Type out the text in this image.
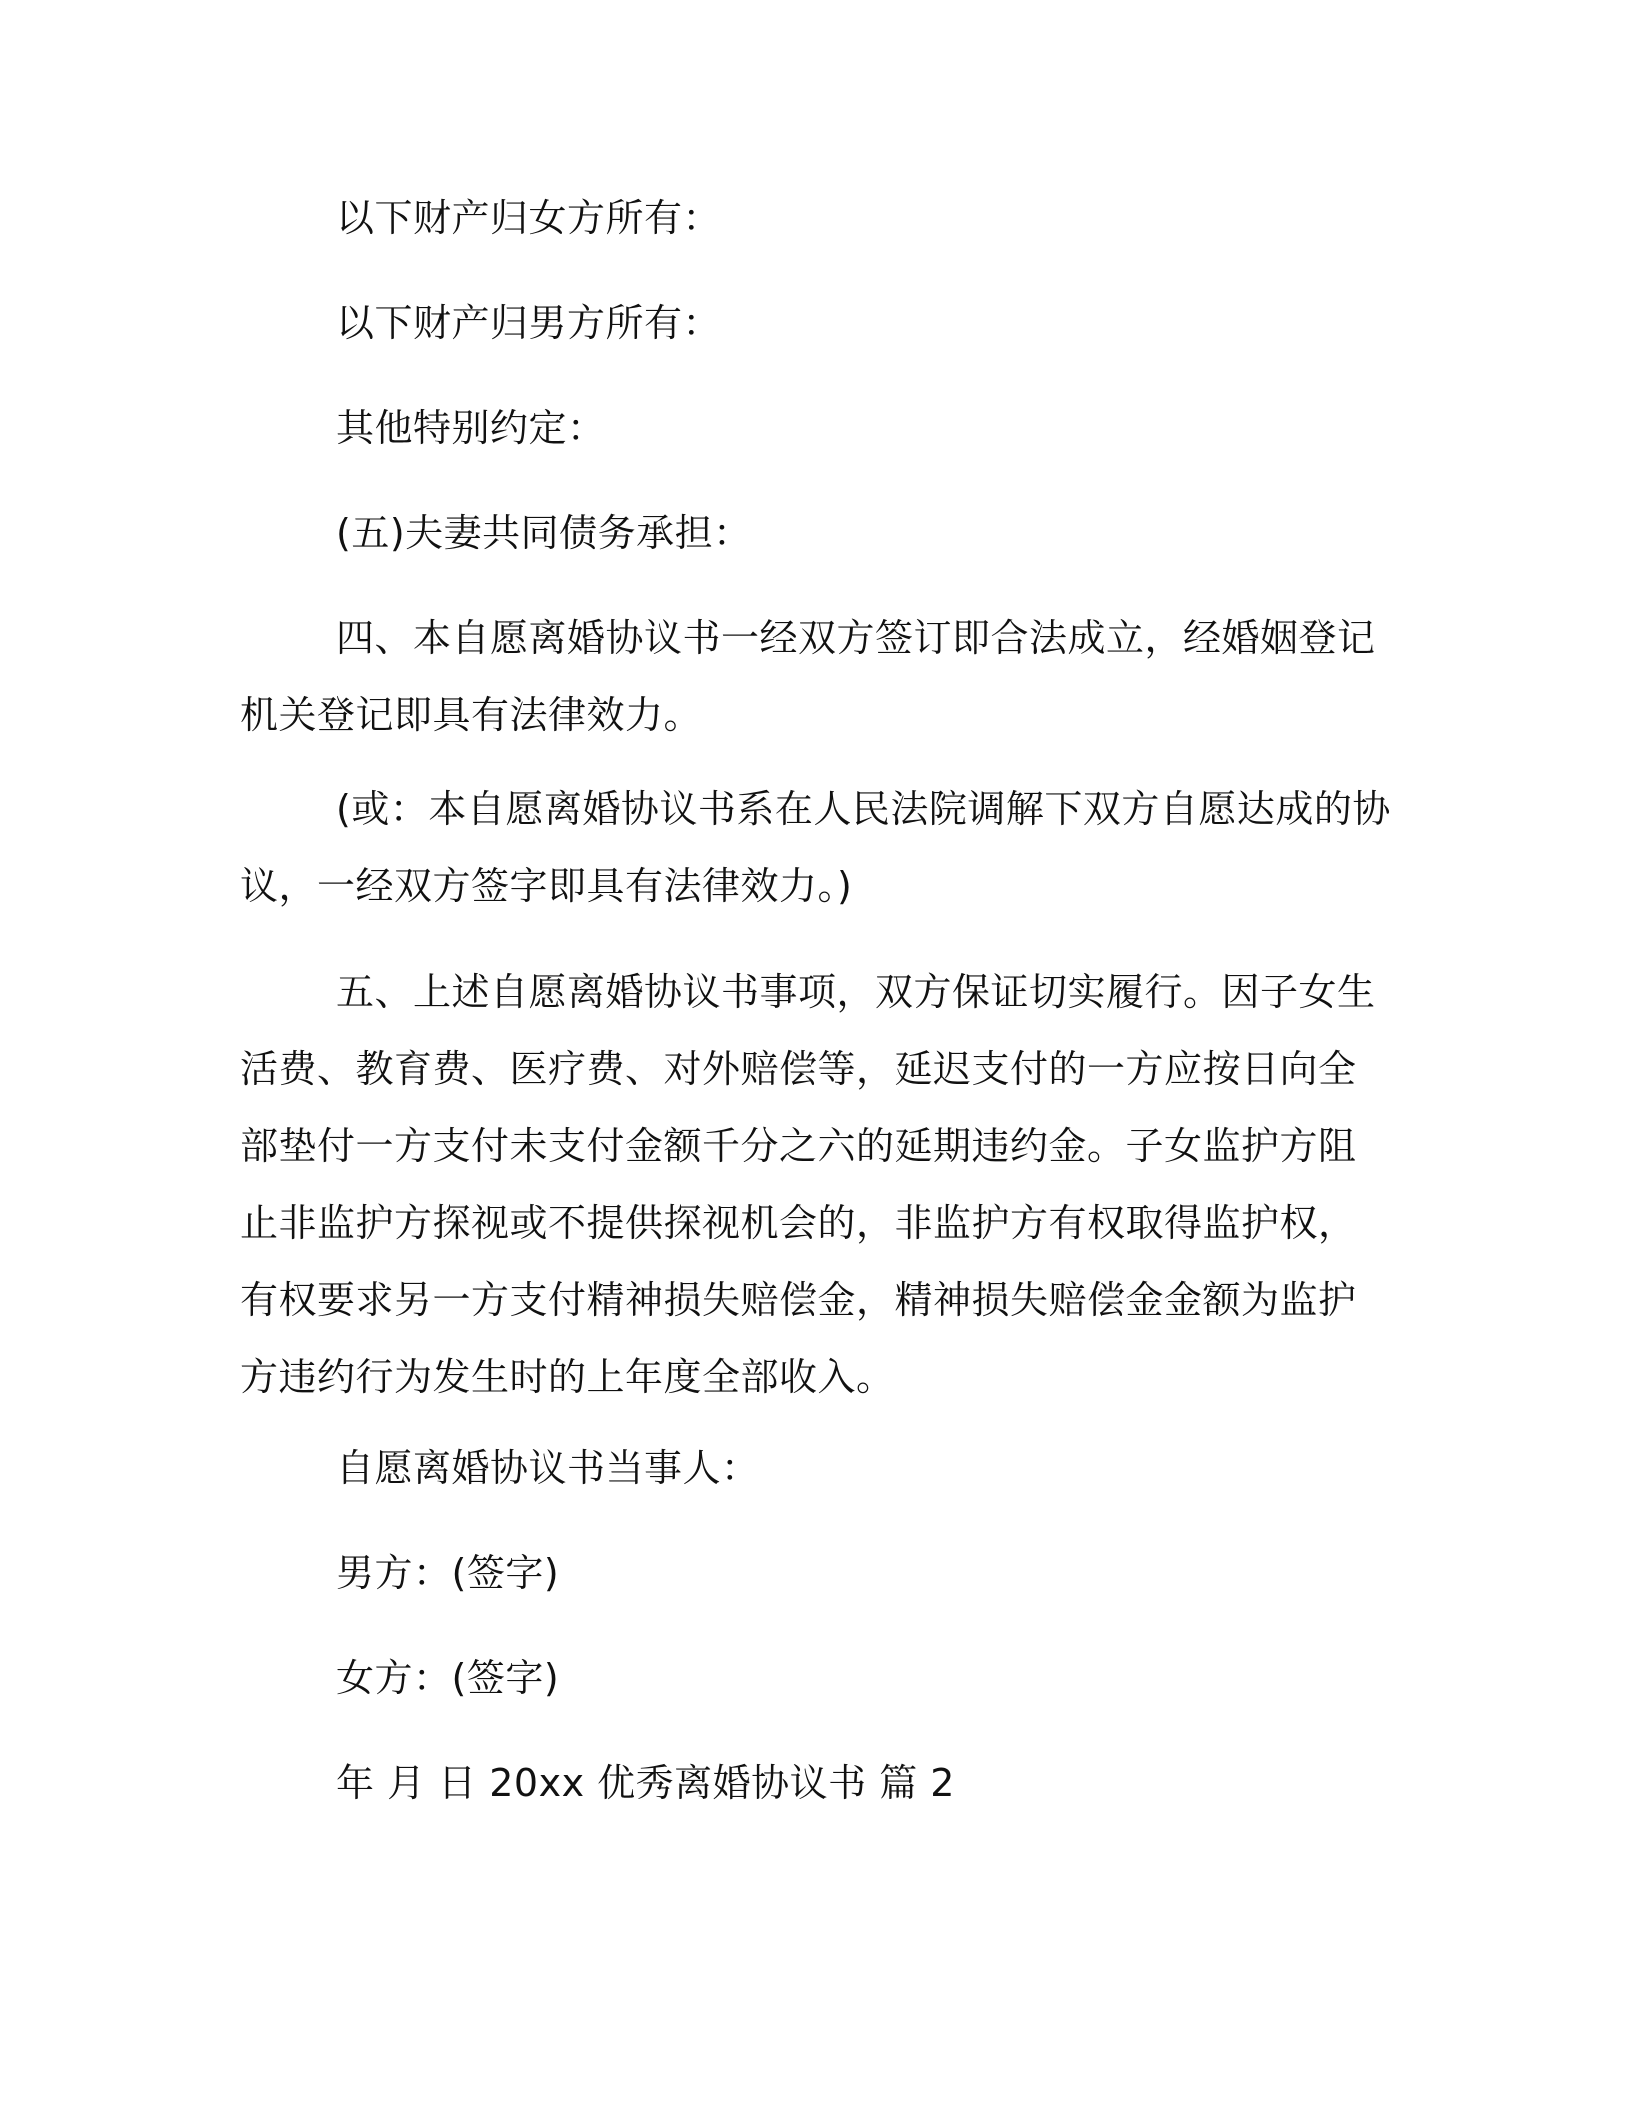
以下财产归女方所有：

以下财产归男方所有：

其他特别约定：

(五)夫妻共同债务承担：

四、本自愿离婚协议书一经双方签订即合法成立，经婚姻登记机关登记即具有法律效力。

(或：本自愿离婚协议书系在人民法院调解下双方自愿达成的协议，一经双方签字即具有法律效力。)

五、上述自愿离婚协议书事项，双方保证切实履行。因子女生活费、教育费、医疗费、对外赔偿等，延迟支付的一方应按日向全部垫付一方支付未支付金额千分之六的延期违约金。子女监护方阻止非监护方探视或不提供探视机会的，非监护方有权取得监护权，有权要求另一方支付精神损失赔偿金，精神损失赔偿金金额为监护方违约行为发生时的上年度全部收入。

自愿离婚协议书当事人：

男方：(签字)

女方：(签字)

年 月 日 20xx 优秀离婚协议书 篇 2
